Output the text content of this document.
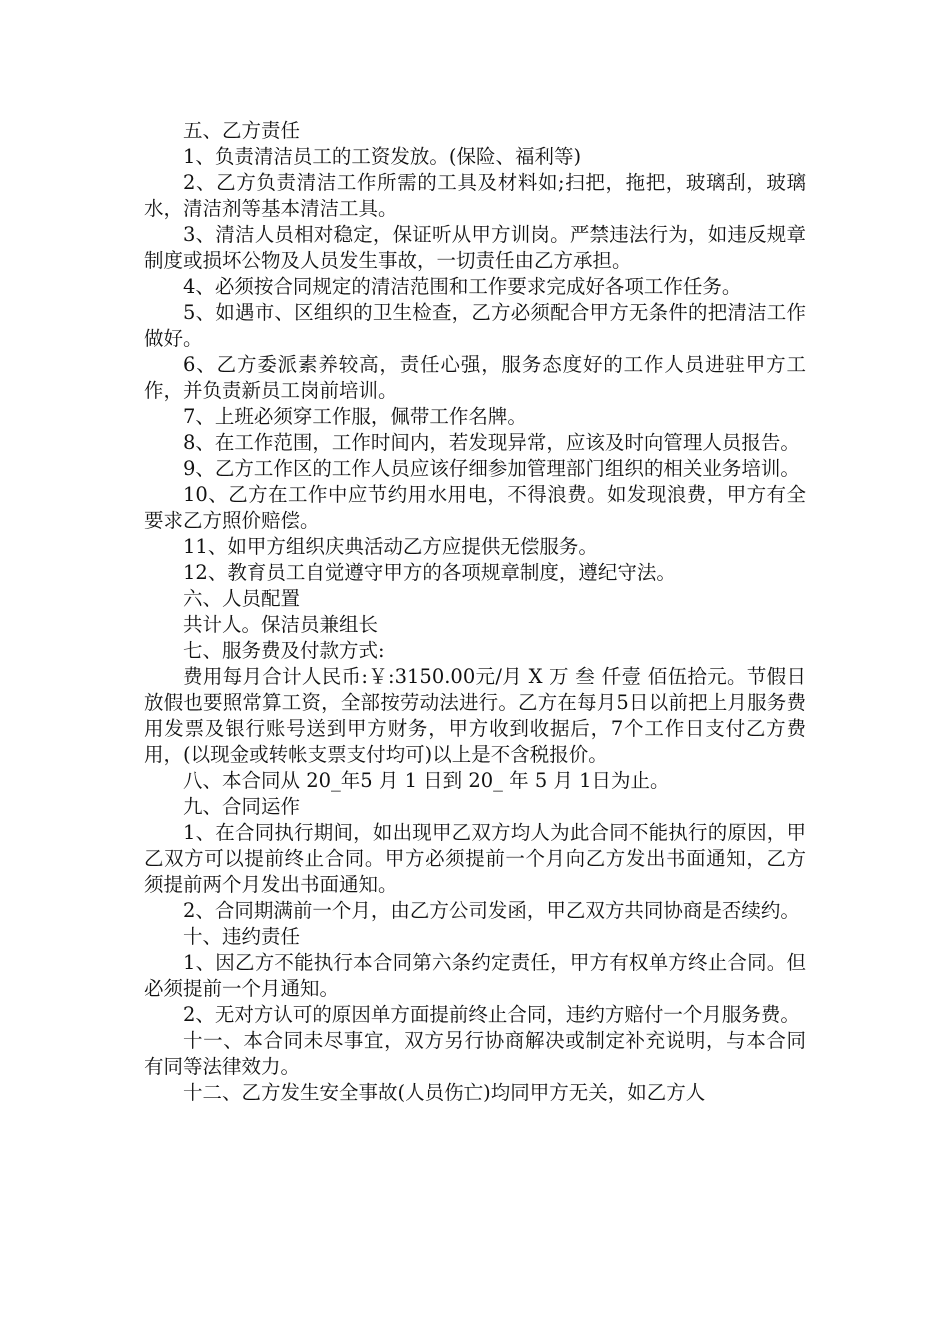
五、乙方责任

1、负责清洁员工的工资发放。(保险、福利等)

2、乙方负责清洁工作所需的工具及材料如;扫把，拖把，玻璃刮，玻璃水，清洁剂等基本清洁工具。

3、清洁人员相对稳定，保证听从甲方训岗。严禁违法行为，如违反规章制度或损坏公物及人员发生事故，一切责任由乙方承担。

4、必须按合同规定的清洁范围和工作要求完成好各项工作任务。

5、如遇市、区组织的卫生检查，乙方必须配合甲方无条件的把清洁工作做好。

6、乙方委派素养较高，责任心强，服务态度好的工作人员进驻甲方工作，并负责新员工岗前培训。

7、上班必须穿工作服，佩带工作名牌。

8、在工作范围，工作时间内，若发现异常，应该及时向管理人员报告。

9、乙方工作区的工作人员应该仔细参加管理部门组织的相关业务培训。

10、乙方在工作中应节约用水用电，不得浪费。如发现浪费，甲方有全要求乙方照价赔偿。

11、如甲方组织庆典活动乙方应提供无偿服务。

12、教育员工自觉遵守甲方的各项规章制度，遵纪守法。

六、人员配置

共计人。保洁员兼组长

七、服务费及付款方式:

费用每月合计人民币:￥:3150.00元/月 X 万 叁 仟壹 佰伍拾元。节假日放假也要照常算工资，全部按劳动法进行。乙方在每月5日以前把上月服务费用发票及银行账号送到甲方财务，甲方收到收据后，7个工作日支付乙方费用，(以现金或转帐支票支付均可)以上是不含税报价。

八、本合同从 20_年5 月 1 日到 20_ 年 5 月 1日为止。

九、合同运作

1、在合同执行期间，如出现甲乙双方均人为此合同不能执行的原因，甲乙双方可以提前终止合同。甲方必须提前一个月向乙方发出书面通知，乙方须提前两个月发出书面通知。

2、合同期满前一个月，由乙方公司发函，甲乙双方共同协商是否续约。

十、违约责任

1、因乙方不能执行本合同第六条约定责任，甲方有权单方终止合同。但必须提前一个月通知。

2、无对方认可的原因单方面提前终止合同，违约方赔付一个月服务费。

十一、本合同未尽事宜，双方另行协商解决或制定补充说明，与本合同有同等法律效力。

十二、乙方发生安全事故(人员伤亡)均同甲方无关，如乙方人
